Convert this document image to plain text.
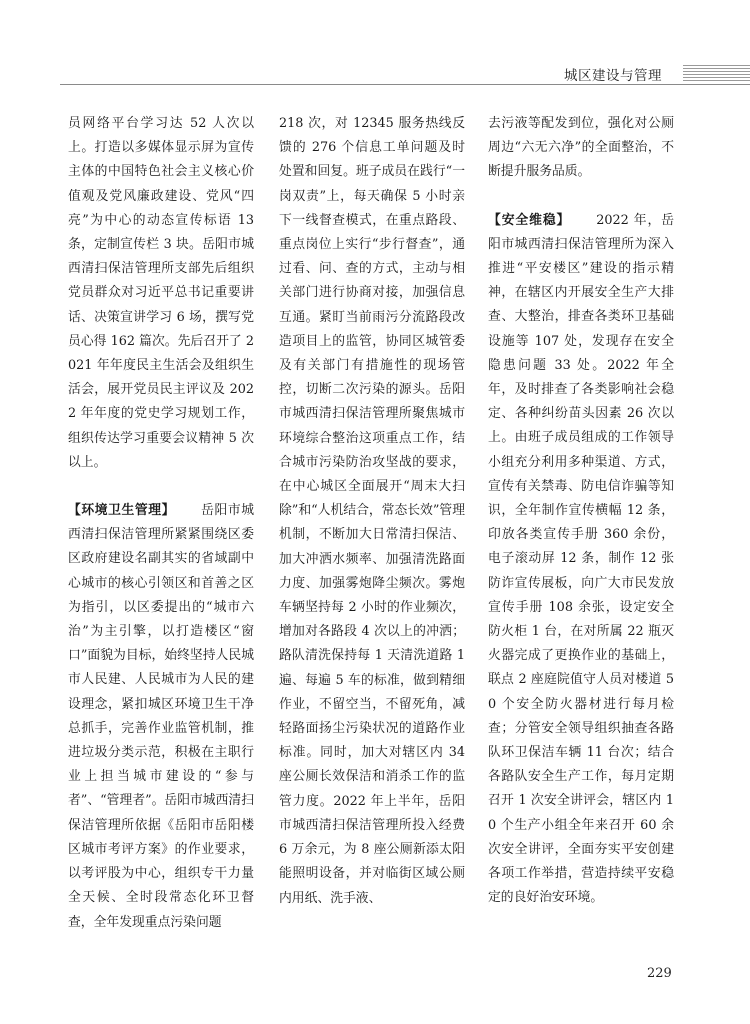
城区建设与管理

员网络平台学习达 52 人次以上。打造以多媒体显示屏为宣传主体的中国特色社会主义核心价值观及党风廉政建设、党风“四亮”为中心的动态宣传标语 13 条，定制宣传栏 3 块。岳阳市城西清扫保洁管理所支部先后组织党员群众对习近平总书记重要讲话、决策宣讲学习 6 场，撰写党员心得 162 篇次。先后召开了 2021 年年度民主生活会及组织生活会，展开党员民主评议及 2022 年年度的党史学习规划工作，组织传达学习重要会议精神 5 次以上。

【环境卫生管理】 岳阳市城西清扫保洁管理所紧紧围绕区委区政府建设名副其实的省域副中心城市的核心引领区和首善之区为指引，以区委提出的“城市六治”为主引擎，以打造楼区“窗口”面貌为目标，始终坚持人民城市人民建、人民城市为人民的建设理念，紧扣城区环境卫生干净总抓手，完善作业监管机制，推进垃圾分类示范，积极在主职行业上担当城市建设的“参与者”、“管理者”。岳阳市城西清扫保洁管理所依据《岳阳市岳阳楼区城市考评方案》的作业要求，以考评股为中心，组织专干力量全天候、全时段常态化环卫督查，全年发现重点污染问题

218 次，对 12345 服务热线反馈的 276 个信息工单问题及时处置和回复。班子成员在践行“一岗双责”上，每天确保 5 小时亲下一线督查模式，在重点路段、重点岗位上实行“步行督查”，通过看、问、查的方式，主动与相关部门进行协商对接，加强信息互通。紧盯当前雨污分流路段改造项目上的监管，协同区城管委及有关部门有措施性的现场管控，切断二次污染的源头。岳阳市城西清扫保洁管理所聚焦城市环境综合整治这项重点工作，结合城市污染防治攻坚战的要求，在中心城区全面展开“周末大扫除”和“人机结合，常态长效”管理机制，不断加大日常清扫保洁、加大冲洒水频率、加强清洗路面力度、加强雾炮降尘频次。雾炮车辆坚持每 2 小时的作业频次，增加对各路段 4 次以上的冲洒；路队清洗保持每 1 天清洗道路 1 遍、每遍 5 车的标准，做到精细作业，不留空当，不留死角，减轻路面扬尘污染状况的道路作业标准。同时，加大对辖区内 34 座公厕长效保洁和消杀工作的监管力度。2022 年上半年，岳阳市城西清扫保洁管理所投入经费 6 万余元，为 8 座公厕新添太阳能照明设备，并对临街区域公厕内用纸、洗手液、

去污液等配发到位，强化对公厕周边“六无六净”的全面整治，不断提升服务品质。

【安全维稳】 2022 年，岳阳市城西清扫保洁管理所为深入推进“平安楼区”建设的指示精神，在辖区内开展安全生产大排查、大整治，排查各类环卫基础设施等 107 处，发现存在安全隐患问题 33 处。2022 年全年，及时排查了各类影响社会稳定、各种纠纷苗头因素 26 次以上。由班子成员组成的工作领导小组充分利用多种渠道、方式，宣传有关禁毒、防电信诈骗等知识，全年制作宣传横幅 12 条，印放各类宣传手册 360 余份，电子滚动屏 12 条，制作 12 张防诈宣传展板，向广大市民发放宣传手册 108 余张，设定安全防火柜 1 台，在对所属 22 瓶灭火器完成了更换作业的基础上，联点 2 座庭院值守人员对楼道 50 个安全防火器材进行每月检查；分管安全领导组织抽查各路队环卫保洁车辆 11 台次；结合各路队安全生产工作，每月定期召开 1 次安全讲评会，辖区内 10 个生产小组全年来召开 60 余次安全讲评，全面夯实平安创建各项工作举措，营造持续平安稳定的良好治安环境。

229
